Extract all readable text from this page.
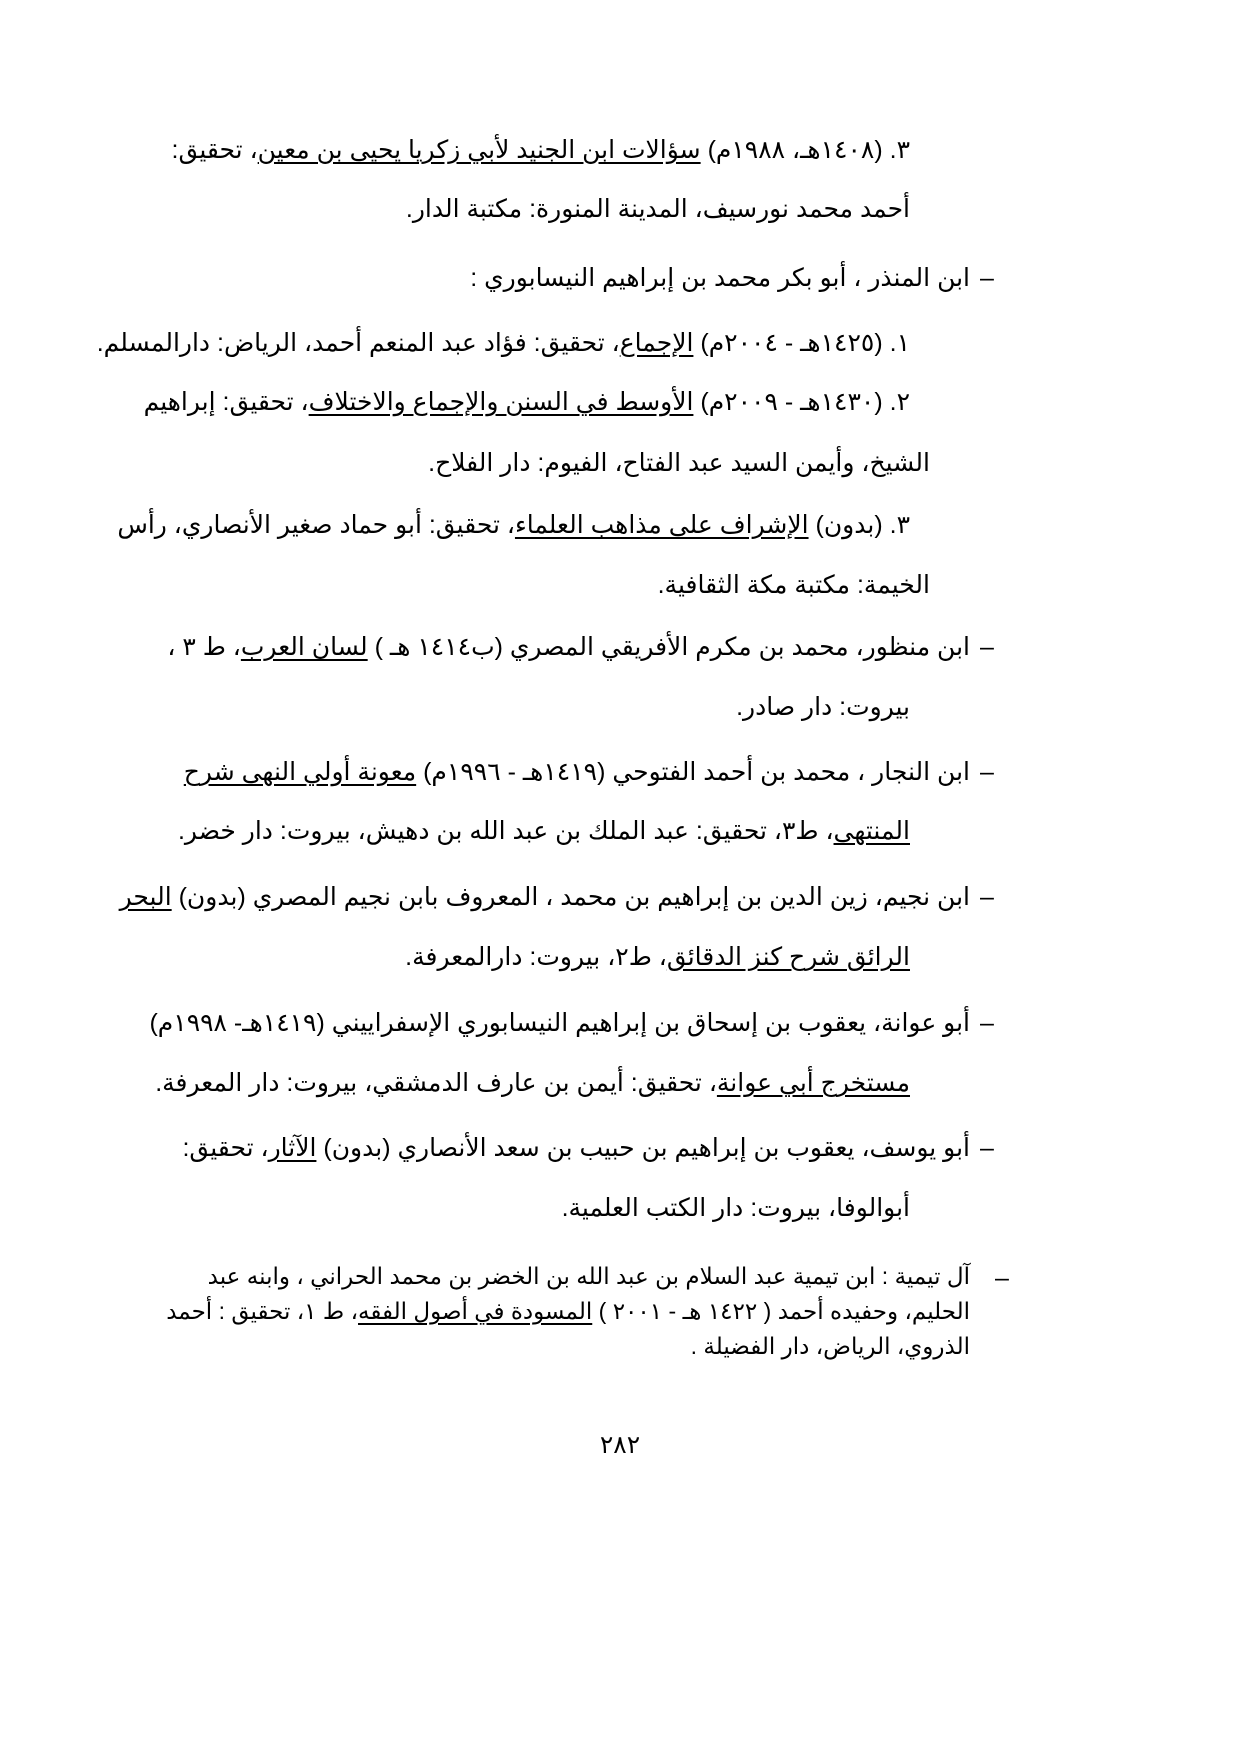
٣. (١٤٠٨هـ، ١٩٨٨م) سؤالات ابن الجنيد لأبي زكريا يحيى بن معين، تحقيق:
أحمد محمد نورسيف، المدينة المنورة: مكتبة الدار.
–
ابن المنذر ، أبو بكر محمد بن إبراهيم النيسابوري :
١. (١٤٢٥هـ - ٢٠٠٤م) الإجماع، تحقيق: فؤاد عبد المنعم أحمد، الرياض: دارالمسلم.
٢. (١٤٣٠هـ - ٢٠٠٩م) الأوسط في السنن والإجماع والاختلاف، تحقيق: إبراهيم
الشيخ، وأيمن السيد عبد الفتاح، الفيوم: دار الفلاح.
٣. (بدون) الإشراف على مذاهب العلماء، تحقيق: أبو حماد صغير الأنصاري، رأس
الخيمة: مكتبة مكة الثقافية.
–
ابن منظور، محمد بن مكرم الأفريقي المصري (ب١٤١٤ هـ ) لسان العرب، ط ٣ ،
بيروت: دار صادر.
–
ابن النجار ، محمد بن أحمد الفتوحي (١٤١٩هـ - ١٩٩٦م) معونة أولي النهى شرح
المنتهى، ط٣، تحقيق: عبد الملك بن عبد الله بن دهيش، بيروت: دار خضر.
–
ابن نجيم، زين الدين بن إبراهيم بن محمد ، المعروف بابن نجيم المصري (بدون) البحر
الرائق شرح كنز الدقائق، ط٢، بيروت: دارالمعرفة.
–
أبو عوانة، يعقوب بن إسحاق بن إبراهيم النيسابوري الإسفراييني (١٤١٩هـ- ١٩٩٨م)
مستخرج أبي عوانة، تحقيق: أيمن بن عارف الدمشقي، بيروت: دار المعرفة.
–
أبو يوسف، يعقوب بن إبراهيم بن حبيب بن سعد الأنصاري (بدون) الآثار، تحقيق:
أبوالوفا، بيروت: دار الكتب العلمية.
–
آل تيمية : ابن تيمية عبد السلام بن عبد الله بن الخضر بن محمد الحراني ، وابنه عبد
الحليم، وحفيده أحمد ( ١٤٢٢ هـ - ٢٠٠١ ) المسودة في أصول الفقه، ط ١، تحقيق : أحمد
الذروي، الرياض، دار الفضيلة .
٢٨٢
